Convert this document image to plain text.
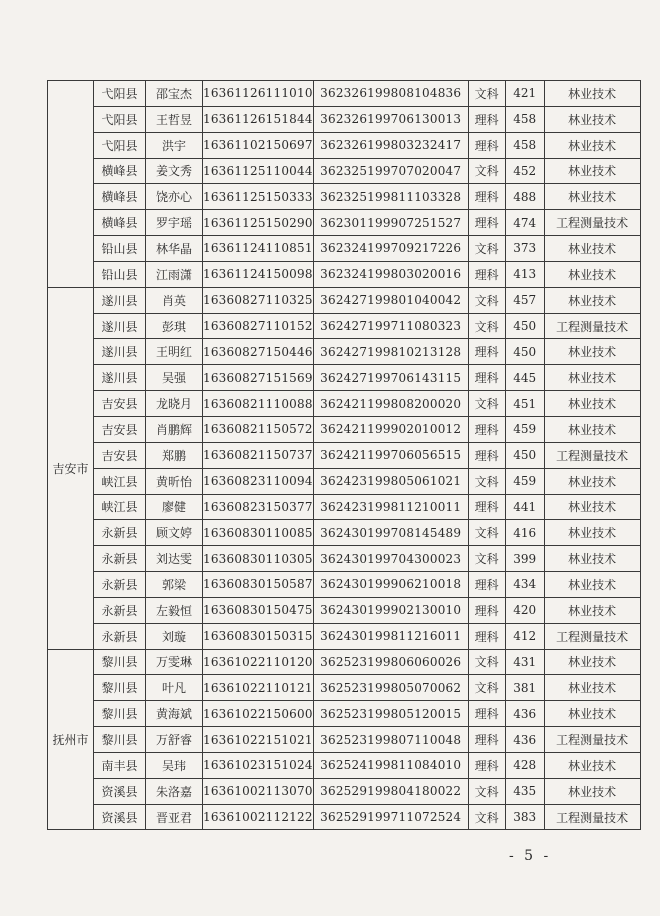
	弋阳县	邵宝杰	16361126111010	362326199808104836	文科	421	林业技术
	弋阳县	王哲昱	16361126151844	362326199706130013	理科	458	林业技术
	弋阳县	洪宇	16361102150697	362326199803232417	理科	458	林业技术
	横峰县	姜文秀	16361125110044	362325199707020047	文科	452	林业技术
	横峰县	饶亦心	16361125150333	362325199811103328	理科	488	林业技术
	横峰县	罗宇瑶	16361125150290	362301199907251527	理科	474	工程测量技术
	铅山县	林华晶	16361124110851	362324199709217226	文科	373	林业技术
	铅山县	江雨潇	16361124150098	362324199803020016	理科	413	林业技术
吉安市	遂川县	肖英	16360827110325	362427199801040042	文科	457	林业技术
	遂川县	彭琪	16360827110152	362427199711080323	文科	450	工程测量技术
	遂川县	王明红	16360827150446	362427199810213128	理科	450	林业技术
	遂川县	吴强	16360827151569	362427199706143115	理科	445	林业技术
	吉安县	龙晓月	16360821110088	362421199808200020	文科	451	林业技术
	吉安县	肖鹏辉	16360821150572	362421199902010012	理科	459	林业技术
	吉安县	郑鹏	16360821150737	362421199706056515	理科	450	工程测量技术
	峡江县	黄昕怡	16360823110094	362423199805061021	文科	459	林业技术
	峡江县	廖健	16360823150377	362423199811210011	理科	441	林业技术
	永新县	顾文婷	16360830110085	362430199708145489	文科	416	林业技术
	永新县	刘达雯	16360830110305	362430199704300023	文科	399	林业技术
	永新县	郭梁	16360830150587	362430199906210018	理科	434	林业技术
	永新县	左毅恒	16360830150475	362430199902130010	理科	420	林业技术
	永新县	刘璇	16360830150315	362430199811216011	理科	412	工程测量技术
抚州市	黎川县	万雯琳	16361022110120	362523199806060026	文科	431	林业技术
	黎川县	叶凡	16361022110121	362523199805070062	文科	381	林业技术
	黎川县	黄海斌	16361022150600	362523199805120015	理科	436	林业技术
	黎川县	万舒睿	16361022151021	362523199807110048	理科	436	工程测量技术
	南丰县	吴玮	16361023151024	362524199811084010	理科	428	林业技术
	资溪县	朱洛嘉	16361002113070	362529199804180022	文科	435	林业技术
	资溪县	晋亚君	16361002112122	362529199711072524	文科	383	工程测量技术
- 5 -
